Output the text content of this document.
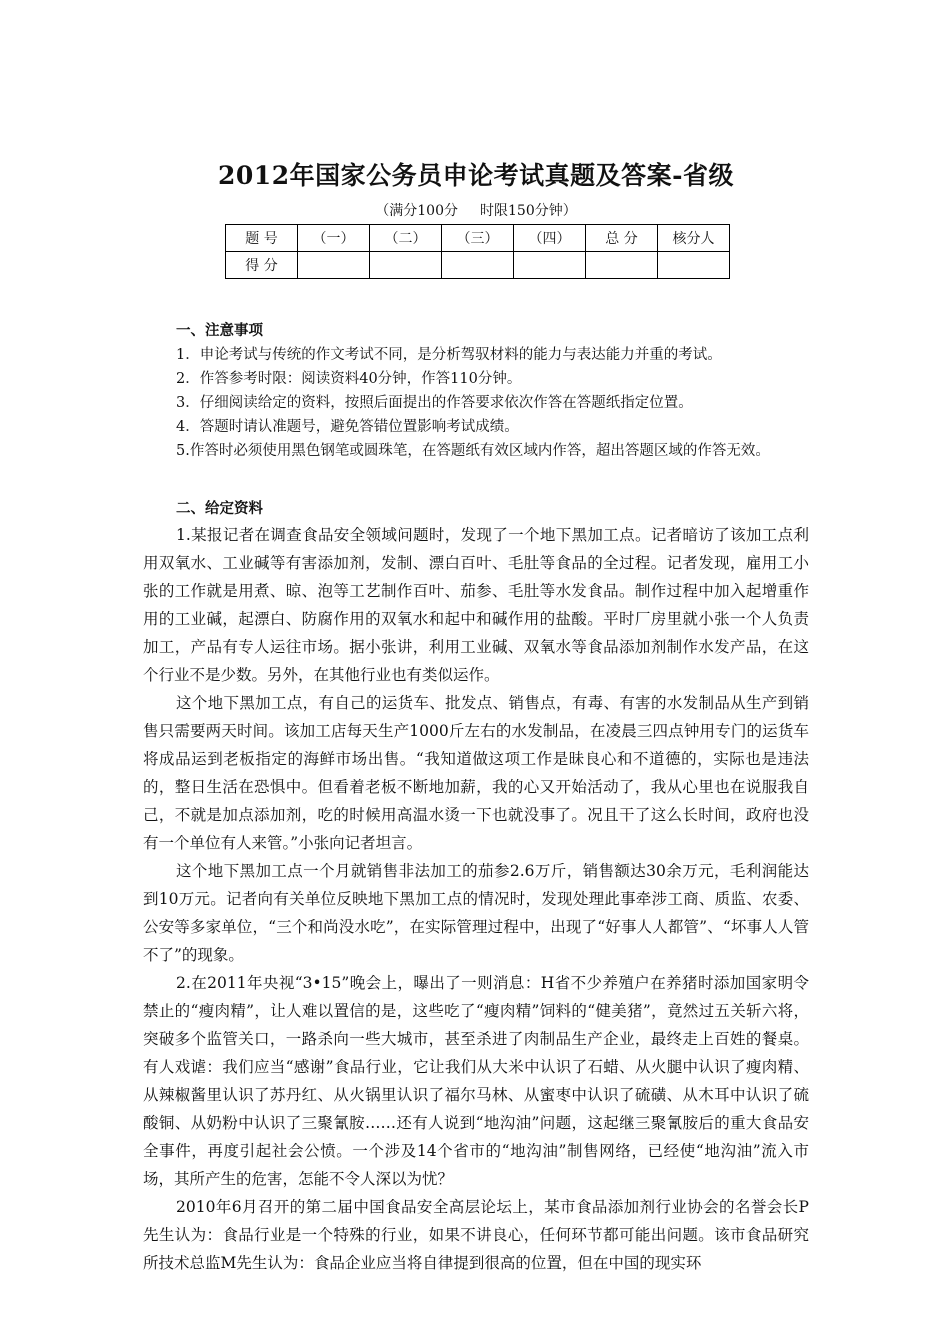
2012年国家公务员申论考试真题及答案-省级
（满分100分 时限150分钟）
题 号	（一）	（二）	（三）	（四）	总 分	核分人
得 分						
一、注意事项

1．申论考试与传统的作文考试不同，是分析驾驭材料的能力与表达能力并重的考试。

2．作答参考时限：阅读资料40分钟，作答110分钟。

3．仔细阅读给定的资料，按照后面提出的作答要求依次作答在答题纸指定位置。

4．答题时请认准题号，避免答错位置影响考试成绩。

5.作答时必须使用黑色钢笔或圆珠笔，在答题纸有效区域内作答，超出答题区域的作答无效。

二、给定资料

1.某报记者在调查食品安全领域问题时，发现了一个地下黑加工点。记者暗访了该加工点利用双氧水、工业碱等有害添加剂，发制、漂白百叶、毛肚等食品的全过程。记者发现，雇用工小张的工作就是用煮、晾、泡等工艺制作百叶、茄参、毛肚等水发食品。制作过程中加入起增重作用的工业碱，起漂白、防腐作用的双氧水和起中和碱作用的盐酸。平时厂房里就小张一个人负责加工，产品有专人运往市场。据小张讲，利用工业碱、双氧水等食品添加剂制作水发产品，在这个行业不是少数。另外，在其他行业也有类似运作。

这个地下黑加工点，有自己的运货车、批发点、销售点，有毒、有害的水发制品从生产到销售只需要两天时间。该加工店每天生产1000斤左右的水发制品，在凌晨三四点钟用专门的运货车将成品运到老板指定的海鲜市场出售。“我知道做这项工作是昧良心和不道德的，实际也是违法的，整日生活在恐惧中。但看着老板不断地加薪，我的心又开始活动了，我从心里也在说服我自己，不就是加点添加剂，吃的时候用高温水烫一下也就没事了。况且干了这么长时间，政府也没有一个单位有人来管。”小张向记者坦言。

这个地下黑加工点一个月就销售非法加工的茄参2.6万斤，销售额达30余万元，毛利润能达到10万元。记者向有关单位反映地下黑加工点的情况时，发现处理此事牵涉工商、质监、农委、公安等多家单位，“三个和尚没水吃”，在实际管理过程中，出现了“好事人人都管”、“坏事人人管不了”的现象。

2.在2011年央视“3•15”晚会上，曝出了一则消息：H省不少养殖户在养猪时添加国家明令禁止的“瘦肉精”，让人难以置信的是，这些吃了“瘦肉精”饲料的“健美猪”，竟然过五关斩六将，突破多个监管关口，一路杀向一些大城市，甚至杀进了肉制品生产企业，最终走上百姓的餐桌。有人戏谑：我们应当“感谢”食品行业，它让我们从大米中认识了石蜡、从火腿中认识了瘦肉精、从辣椒酱里认识了苏丹红、从火锅里认识了福尔马林、从蜜枣中认识了硫磺、从木耳中认识了硫酸铜、从奶粉中认识了三聚氰胺……还有人说到“地沟油”问题，这起继三聚氰胺后的重大食品安全事件，再度引起社会公愤。一个涉及14个省市的“地沟油”制售网络，已经使“地沟油”流入市场，其所产生的危害，怎能不令人深以为忧？

2010年6月召开的第二届中国食品安全高层论坛上，某市食品添加剂行业协会的名誉会长P先生认为：食品行业是一个特殊的行业，如果不讲良心，任何环节都可能出问题。该市食品研究所技术总监M先生认为：食品企业应当将自律提到很高的位置，但在中国的现实环
